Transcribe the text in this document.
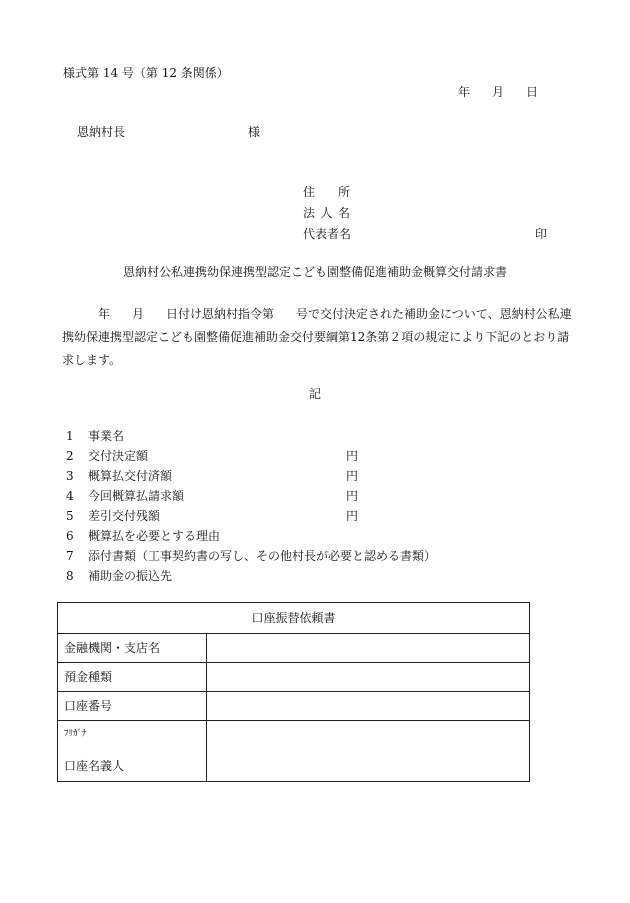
様式第 14 号（第 12 条関係）
年 月 日
恩納村長	様
住　所
法 人 名
代表者名	印
恩納村公私連携幼保連携型認定こども園整備促進補助金概算交付請求書
年 月 日付け恩納村指令第 号で交付決定された補助金について、恩納村公私連携幼保連携型認定こども園整備促進補助金交付要綱第12条第２項の規定により下記のとおり請求します。
記
1 事業名
2 交付決定額	円
3 概算払交付済額	円
4 今回概算払請求額	円
5 差引交付残額	円
6 概算払を必要とする理由
7 添付書類（工事契約書の写し、その他村長が必要と認める書類）
8 補助金の振込先
口座振替依頼書	
金融機関・支店名	
預金種類	
口座番号	

ﾌﾘｶﾞﾅ
口座名義人	
